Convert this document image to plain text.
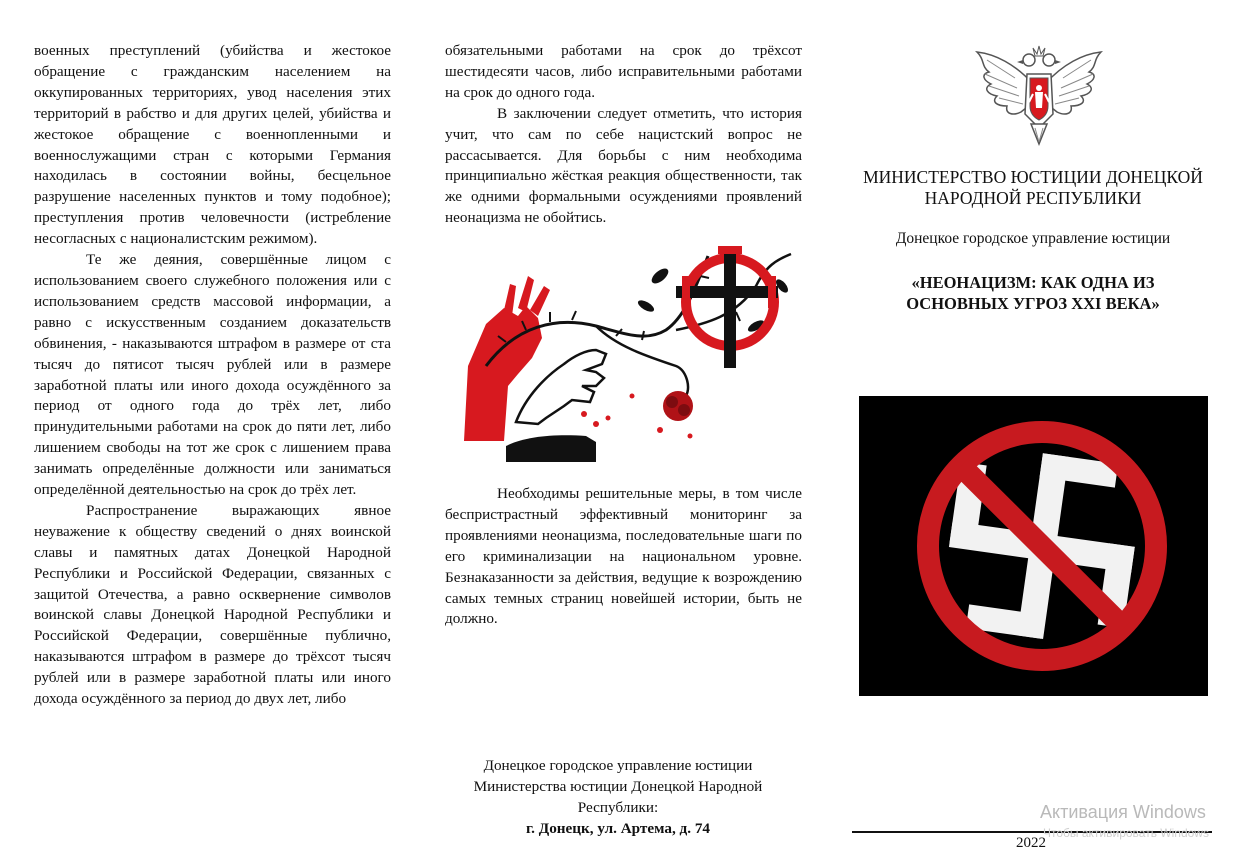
военных преступлений (убийства и жестокое обращение с гражданским населением на оккупированных территориях, увод населения этих территорий в рабство и для других целей, убийства и жестокое обращение с военнопленными и военнослужащими стран с которыми Германия находилась в состоянии войны, бесцельное разрушение населенных пунктов и тому подобное); преступления против человечности (истребление несогласных с националистским режимом).

Те же деяния, совершённые лицом с использованием своего служебного положения или с использованием средств массовой информации, а равно с искусственным созданием доказательств обвинения, - наказываются штрафом в размере от ста тысяч до пятисот тысяч рублей или в размере заработной платы или иного дохода осуждённого за период от одного года до трёх лет, либо принудительными работами на срок до пяти лет, либо лишением свободы на тот же срок с лишением права занимать определённые должности или заниматься определённой деятельностью на срок до трёх лет.

Распространение выражающих явное неуважение к обществу сведений о днях воинской славы и памятных датах Донецкой Народной Республики и Российской Федерации, связанных с защитой Отечества, а равно осквернение символов воинской славы Донецкой Народной Республики и Российской Федерации, совершённые публично, наказываются штрафом в размере до трёхсот тысяч рублей или в размере заработной платы или иного дохода осуждённого за период до двух лет, либо

обязательными работами на срок до трёхсот шестидесяти часов, либо исправительными работами на срок до одного года.

В заключении следует отметить, что история учит, что сам по себе нацистский вопрос не рассасывается. Для борьбы с ним необходима принципиально жёсткая реакция общественности, так же одними формальными осуждениями проявлений неонацизма не обойтись.

Необходимы решительные меры, в том числе беспристрастный эффективный мониторинг за проявлениями неонацизма, последовательные шаги по его криминализации на национальном уровне. Безнаказанности за действия, ведущие к возрождению самых темных страниц новейшей истории, быть не должно.

Донецкое городское управление юстиции
Министерства юстиции Донецкой Народной
Республики:
г. Донецк, ул. Артема, д. 74
МИНИСТЕРСТВО ЮСТИЦИИ ДОНЕЦКОЙ НАРОДНОЙ РЕСПУБЛИКИ
Донецкое городское управление юстиции
«НЕОНАЦИЗМ: КАК ОДНА ИЗ
ОСНОВНЫХ УГРОЗ XXI ВЕКА»
2022
Активация Windows
Чтобы активировать Windows
